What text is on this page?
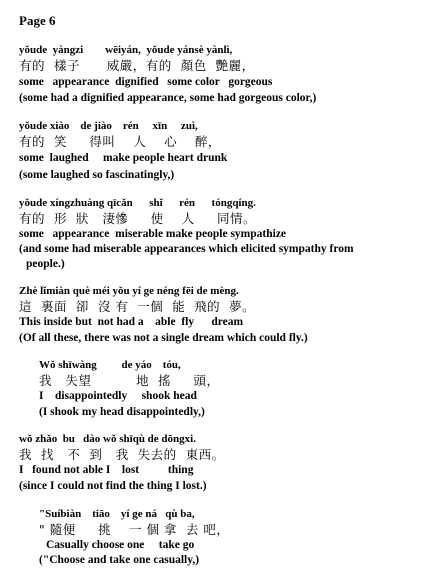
Page 6
yǒude  yàngzi        wēiyán,  yǒude yánsè yànlì,
有的  樣子      威嚴，有的  顏色  艷麗，
some   appearance  dignified   some color   gorgeous
(some had a dignified appearance, some had gorgeous color,)
yǒude xiào    de jiào    rén     xīn     zuì,
有的  笑     得叫    人    心    醉，
some  laughed     make people heart drunk
(some laughed so fascinatingly,)
yǒude xíngzhuàng qīcǎn      shǐ      rén      tóngqíng.
有的  形  狀   淒慘     使    人     同情。
some   appearance  miserable make people sympathize
(and some had miserable appearances which elicited sympathy from
people.)
Zhè lǐmiàn què méi yǒu yí ge néng fēi de mèng.
這  裏面  卻  沒 有  一個  能  飛的  夢。
This inside but  not had a    able  fly      dream
(Of all these, there was not a single dream which could fly.)
Wǒ shīwàng         de yáo    tóu,
我   失望          地  搖     頭，
I    disappointedly     shook head
(I shook my head disappointedly,)
wǒ zhǎo  bu   dào wǒ shīqù de dōngxi.
我  找   不  到   我  失去的  東西。
I   found not able I    lost          thing
(since I could not find the thing I lost.)
"Suíbiàn    tiāo    yí ge ná   qù ba,
" 隨便     挑    一 個 拿  去 吧，
Casually choose one     take go
("Choose and take one casually,)
